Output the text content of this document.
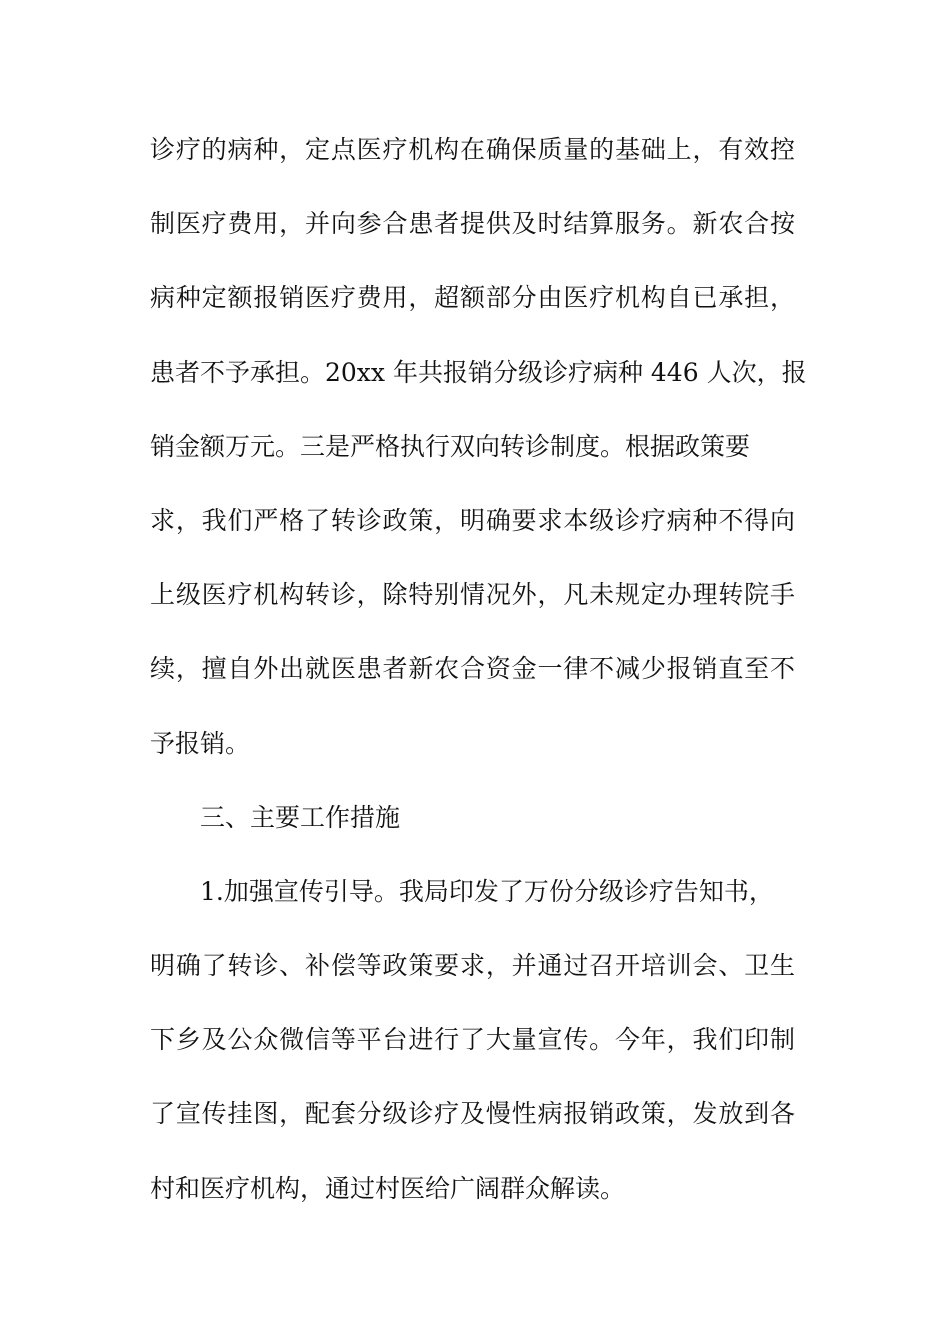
诊疗的病种，定点医疗机构在确保质量的基础上，有效控
制医疗费用，并向参合患者提供及时结算服务。新农合按
病种定额报销医疗费用，超额部分由医疗机构自已承担，
患者不予承担。20xx 年共报销分级诊疗病种 446 人次，报
销金额万元。三是严格执行双向转诊制度。根据政策要
求，我们严格了转诊政策，明确要求本级诊疗病种不得向
上级医疗机构转诊，除特别情况外，凡未规定办理转院手
续，擅自外出就医患者新农合资金一律不减少报销直至不
予报销。
三、主要工作措施
1.加强宣传引导。我局印发了万份分级诊疗告知书，
明确了转诊、补偿等政策要求，并通过召开培训会、卫生
下乡及公众微信等平台进行了大量宣传。今年，我们印制
了宣传挂图，配套分级诊疗及慢性病报销政策，发放到各
村和医疗机构，通过村医给广阔群众解读。
